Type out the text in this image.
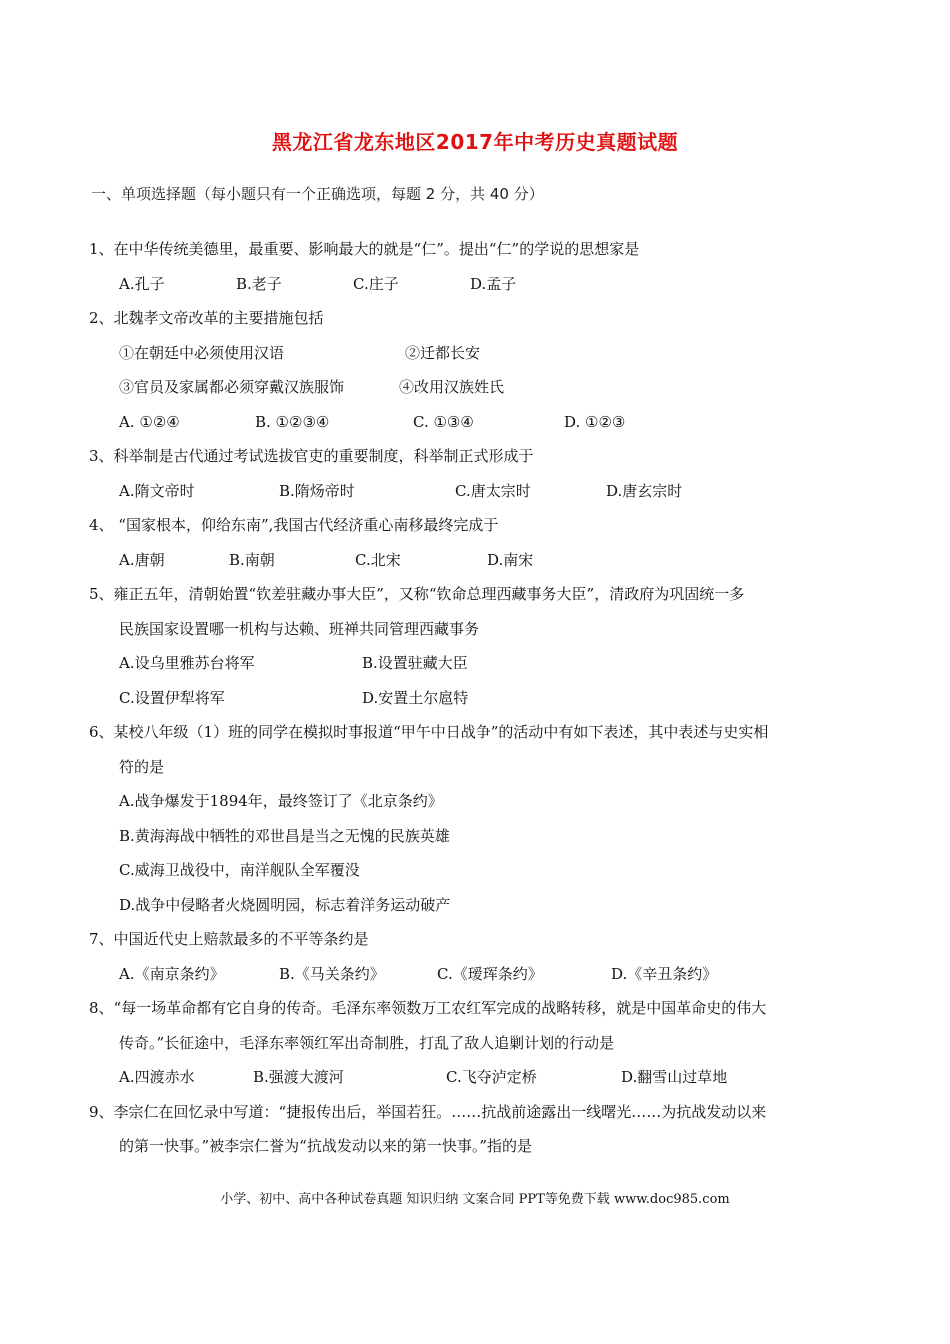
黑龙江省龙东地区2017年中考历史真题试题
一、单项选择题（每小题只有一个正确选项，每题 2 分，共 40 分）
1、在中华传统美德里，最重要、影响最大的就是“仁”。提出“仁”的学说的思想家是
A.孔子	B.老子	C.庄子	D.孟子
2、北魏孝文帝改革的主要措施包括
①在朝廷中必须使用汉语	②迁都长安
③官员及家属都必须穿戴汉族服饰	④改用汉族姓氏
A. ①②④	B. ①②③④	C. ①③④	D. ①②③
3、科举制是古代通过考试选拔官吏的重要制度，科举制正式形成于
A.隋文帝时	B.隋炀帝时	C.唐太宗时	D.唐玄宗时
4、 “国家根本，仰给东南”,我国古代经济重心南移最终完成于
A.唐朝	B.南朝	C.北宋	D.南宋
5、雍正五年，清朝始置“钦差驻藏办事大臣”，又称“钦命总理西藏事务大臣”，清政府为巩固统一多
民族国家设置哪一机构与达赖、班禅共同管理西藏事务
A.设乌里雅苏台将军	B.设置驻藏大臣
C.设置伊犁将军	D.安置土尔扈特
6、某校八年级（1）班的同学在模拟时事报道“甲午中日战争”的活动中有如下表述，其中表述与史实相
符的是
A.战争爆发于1894年，最终签订了《北京条约》
B.黄海海战中牺牲的邓世昌是当之无愧的民族英雄
C.威海卫战役中，南洋舰队全军覆没
D.战争中侵略者火烧圆明园，标志着洋务运动破产
7、中国近代史上赔款最多的不平等条约是
A.《南京条约》	B.《马关条约》	C.《瑷珲条约》	D.《辛丑条约》
8、“每一场革命都有它自身的传奇。毛泽东率领数万工农红军完成的战略转移，就是中国革命史的伟大
传奇。”长征途中，毛泽东率领红军出奇制胜，打乱了敌人追剿计划的行动是
A.四渡赤水	B.强渡大渡河	C.飞夺泸定桥	D.翻雪山过草地
9、李宗仁在回忆录中写道：“捷报传出后，举国若狂。……抗战前途露出一线曙光……为抗战发动以来
的第一快事。”被李宗仁誉为“抗战发动以来的第一快事。”指的是
小学、初中、高中各种试卷真题 知识归纳 文案合同 PPT等免费下载 www.doc985.com
